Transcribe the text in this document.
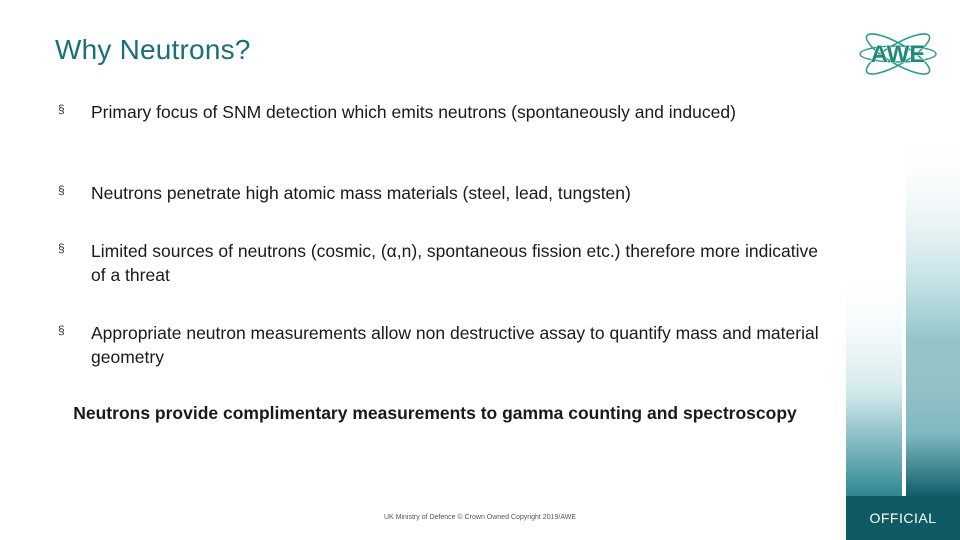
Why Neutrons?	AWE
§ Primary focus of SNM detection which emits neutrons (spontaneously and induced)
§ Neutrons penetrate high atomic mass materials (steel, lead, tungsten)
§ Limited sources of neutrons (cosmic, (α,n), spontaneous fission etc.) therefore more indicative of a threat
§ Appropriate neutron measurements allow non destructive assay to quantify mass and material geometry
Neutrons provide complimentary measurements to gamma counting and spectroscopy
UK Ministry of Defence © Crown Owned Copyright 2019/AWE	OFFICIAL
